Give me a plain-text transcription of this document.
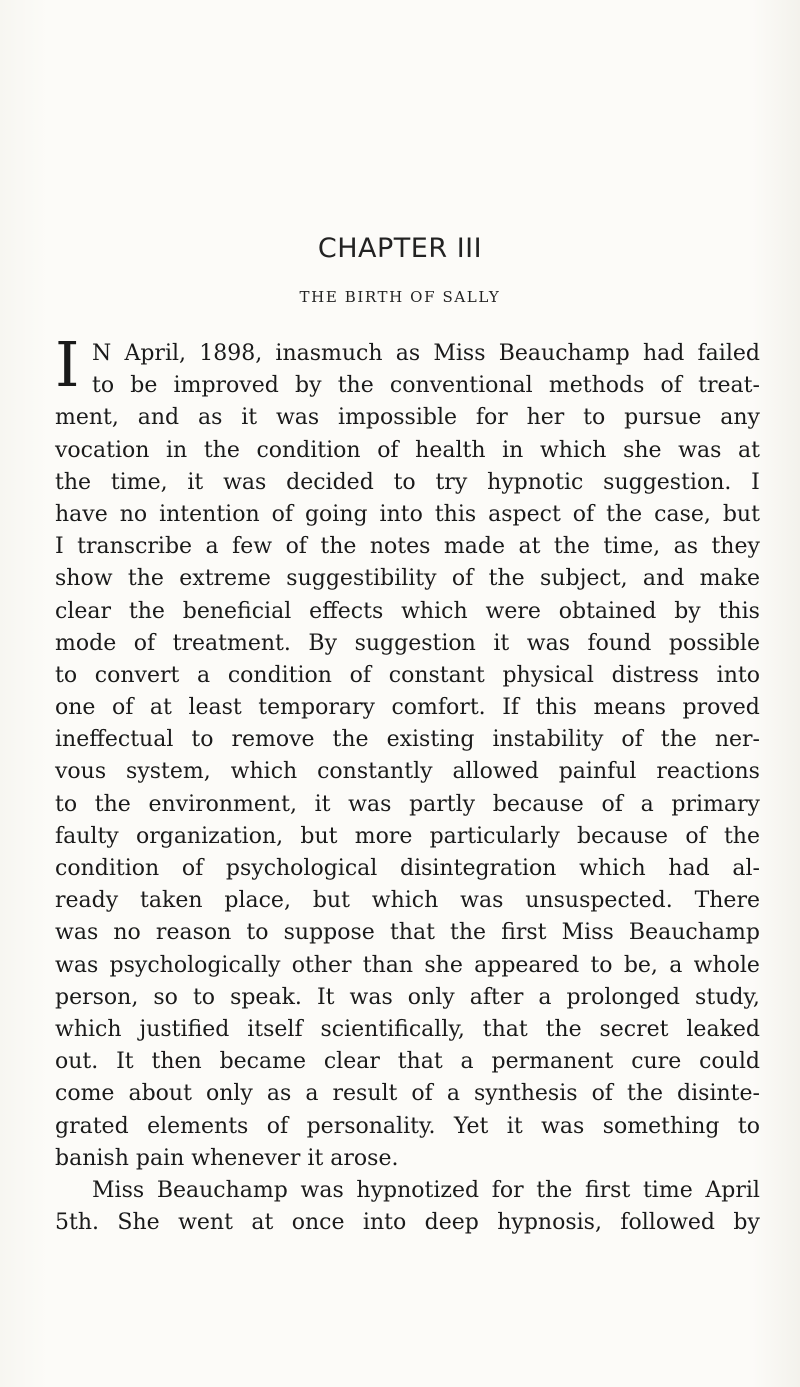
CHAPTER III
THE BIRTH OF SALLY
I N April, 1898, inasmuch as Miss Beauchamp had failed
to be improved by the conventional methods of treat-
ment, and as it was impossible for her to pursue any
vocation in the condition of health in which she was at
the time, it was decided to try hypnotic suggestion. I
have no intention of going into this aspect of the case, but
I transcribe a few of the notes made at the time, as they
show the extreme suggestibility of the subject, and make
clear the beneficial effects which were obtained by this
mode of treatment. By suggestion it was found possible
to convert a condition of constant physical distress into
one of at least temporary comfort. If this means proved
ineffectual to remove the existing instability of the ner-
vous system, which constantly allowed painful reactions
to the environment, it was partly because of a primary
faulty organization, but more particularly because of the
condition of psychological disintegration which had al-
ready taken place, but which was unsuspected. There
was no reason to suppose that the first Miss Beauchamp
was psychologically other than she appeared to be, a whole
person, so to speak. It was only after a prolonged study,
which justified itself scientifically, that the secret leaked
out. It then became clear that a permanent cure could
come about only as a result of a synthesis of the disinte-
grated elements of personality. Yet it was something to
banish pain whenever it arose.
Miss Beauchamp was hypnotized for the first time April
5th. She went at once into deep hypnosis, followed by
